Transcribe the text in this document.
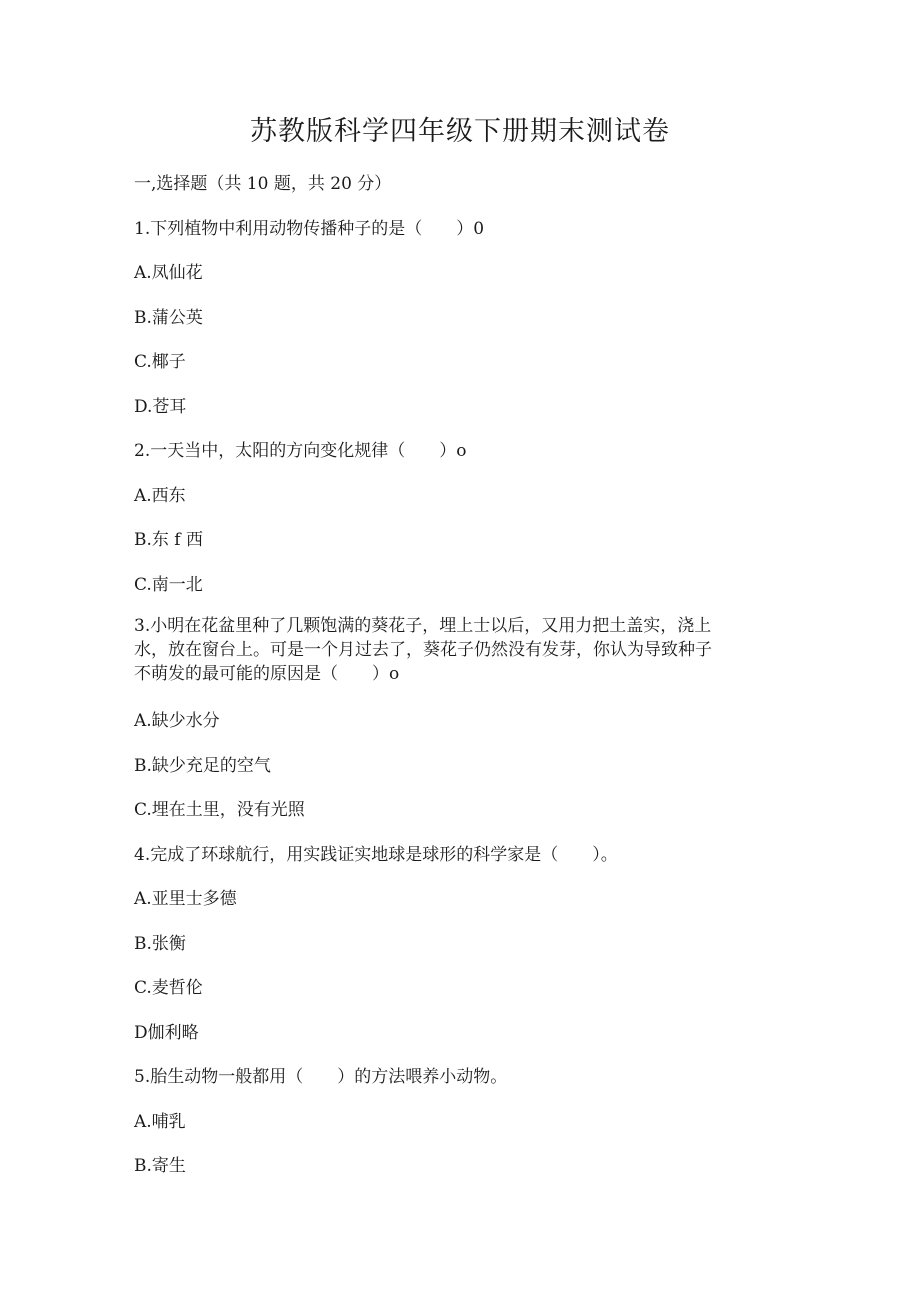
苏教版科学四年级下册期末测试卷
一,选择题（共 10 题，共 20 分）
1.下列植物中利用动物传播种子的是（　　）0
A.凤仙花
B.蒲公英
C.椰子
D.苍耳
2.一天当中，太阳的方向变化规律（　　）o
A.西东
B.东 f 西
C.南一北
3.小明在花盆里种了几颗饱满的葵花子，埋上士以后，又用力把土盖实，浇上
水，放在窗台上。可是一个月过去了，葵花子仍然没有发芽，你认为导致种子
不萌发的最可能的原因是（　　）o
A.缺少水分
B.缺少充足的空气
C.埋在土里，没有光照
4.完成了环球航行，用实践证实地球是球形的科学家是（　　）。
A.亚里士多德
B.张衡
C.麦哲伦
D伽利略
5.胎生动物一般都用（　　）的方法喂养小动物。
A.哺乳
B.寄生
